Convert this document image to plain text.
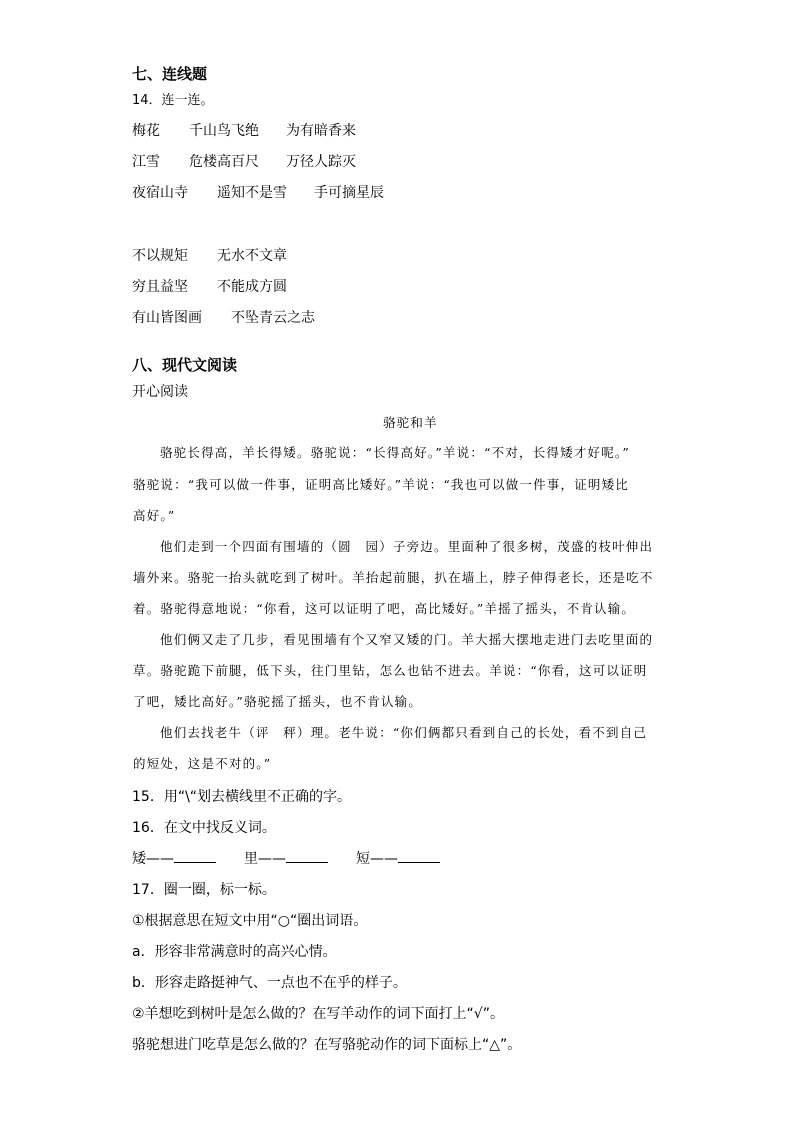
七、连线题
14．连一连。
梅花 千山鸟飞绝 为有暗香来
江雪 危楼高百尺 万径人踪灭
夜宿山寺 遥知不是雪 手可摘星辰
不以规矩 无水不文章
穷且益坚 不能成方圆
有山皆图画 不坠青云之志
八、现代文阅读
开心阅读
骆驼和羊
骆驼长得高，羊长得矮。骆驼说：“长得高好。”羊说：“不对，长得矮才好呢。”
骆驼说：“我可以做一件事，证明高比矮好。”羊说：“我也可以做一件事，证明矮比
高好。”
他们走到一个四面有围墙的（圆　园）子旁边。里面种了很多树，茂盛的枝叶伸出
墙外来。骆驼一抬头就吃到了树叶。羊抬起前腿，扒在墙上，脖子伸得老长，还是吃不
着。骆驼得意地说：“你看，这可以证明了吧，高比矮好。”羊摇了摇头，不肯认输。
他们俩又走了几步，看见围墙有个又窄又矮的门。羊大摇大摆地走进门去吃里面的
草。骆驼跪下前腿，低下头，往门里钻，怎么也钻不进去。羊说：“你看，这可以证明
了吧，矮比高好。”骆驼摇了摇头，也不肯认输。
他们去找老牛（评　秤）理。老牛说：“你们俩都只看到自己的长处，看不到自己
的短处，这是不对的。”
15．用“\“划去横线里不正确的字。
16．在文中找反义词。
矮——	里——	短——
17．圈一圈，标一标。
①根据意思在短文中用“○“圈出词语。
a．形容非常满意时的高兴心情。
b．形容走路挺神气、一点也不在乎的样子。
②羊想吃到树叶是怎么做的？在写羊动作的词下面打上“√”。
骆驼想进门吃草是怎么做的？在写骆驼动作的词下面标上“△”。
